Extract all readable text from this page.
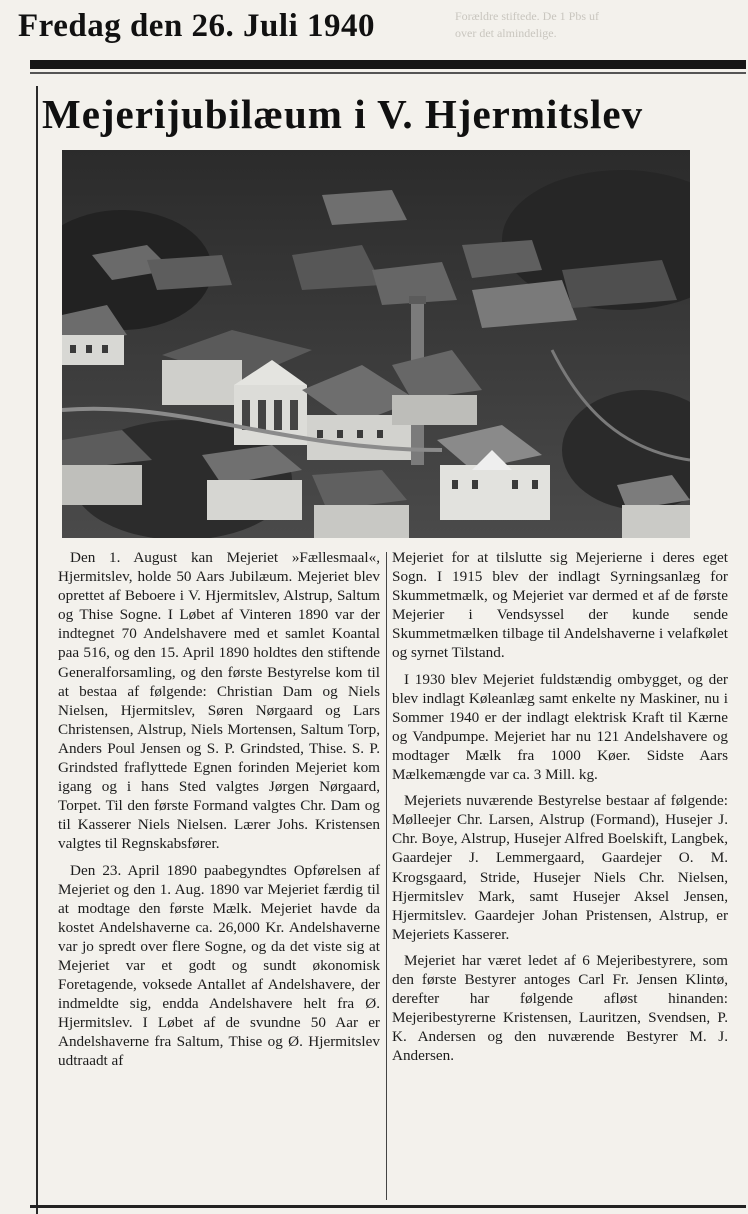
Fredag den 26. Juli 1940	Forældre stiftede. De 1 Pbs uf
over det almindelige.
Mejerijubilæum i V. Hjermitslev

Den 1. August kan Mejeriet »Fællesmaal«, Hjermitslev, holde 50 Aars Jubilæum. Mejeriet blev oprettet af Beboere i V. Hjermitslev, Alstrup, Saltum og Thise Sogne. I Løbet af Vinteren 1890 var der indtegnet 70 Andelshavere med et samlet Koantal paa 516, og den 15. April 1890 holdtes den stiftende Generalforsamling, og den første Bestyrelse kom til at bestaa af følgende: Christian Dam og Niels Nielsen, Hjermitslev, Søren Nørgaard og Lars Christensen, Alstrup, Niels Mortensen, Saltum Torp, Anders Poul Jensen og S. P. Grindsted, Thise. S. P. Grindsted fraflyttede Egnen forinden Mejeriet kom igang og i hans Sted valgtes Jørgen Nørgaard, Torpet. Til den første Formand valgtes Chr. Dam og til Kasserer Niels Nielsen. Lærer Johs. Kristensen valgtes til Regnskabsfører.

Den 23. April 1890 paabegyndtes Opførelsen af Mejeriet og den 1. Aug. 1890 var Mejeriet færdig til at modtage den første Mælk. Mejeriet havde da kostet Andelshaverne ca. 26,000 Kr. Andelshaverne var jo spredt over flere Sogne, og da det viste sig at Mejeriet var et godt og sundt økonomisk Foretagende, voksede Antallet af Andelshavere, der indmeldte sig, endda Andelshavere helt fra Ø. Hjermitslev. I Løbet af de svundne 50 Aar er Andelshaverne fra Saltum, Thise og Ø. Hjermitslev udtraadt af

Mejeriet for at tilslutte sig Mejerierne i deres eget Sogn. I 1915 blev der indlagt Syrningsanlæg for Skummetmælk, og Mejeriet var dermed et af de første Mejerier i Vendsyssel der kunde sende Skummetmælken tilbage til Andelshaverne i velafkølet og syrnet Tilstand.

I 1930 blev Mejeriet fuldstændig ombygget, og der blev indlagt Køleanlæg samt enkelte ny Maskiner, nu i Sommer 1940 er der indlagt elektrisk Kraft til Kærne og Vandpumpe. Mejeriet har nu 121 Andelshavere og modtager Mælk fra 1000 Køer. Sidste Aars Mælkemængde var ca. 3 Mill. kg.

Mejeriets nuværende Bestyrelse bestaar af følgende: Mølleejer Chr. Larsen, Alstrup (Formand), Husejer J. Chr. Boye, Alstrup, Husejer Alfred Boelskift, Langbek, Gaardejer J. Lemmergaard, Gaardejer O. M. Krogsgaard, Stride, Husejer Niels Chr. Nielsen, Hjermitslev Mark, samt Husejer Aksel Jensen, Hjermitslev. Gaardejer Johan Pristensen, Alstrup, er Mejeriets Kasserer.

Mejeriet har været ledet af 6 Mejeribestyrere, som den første Bestyrer antoges Carl Fr. Jensen Klintø, derefter har følgende afløst hinanden: Mejeribestyrerne Kristensen, Lauritzen, Svendsen, P. K. Andersen og den nuværende Bestyrer M. J. Andersen.
